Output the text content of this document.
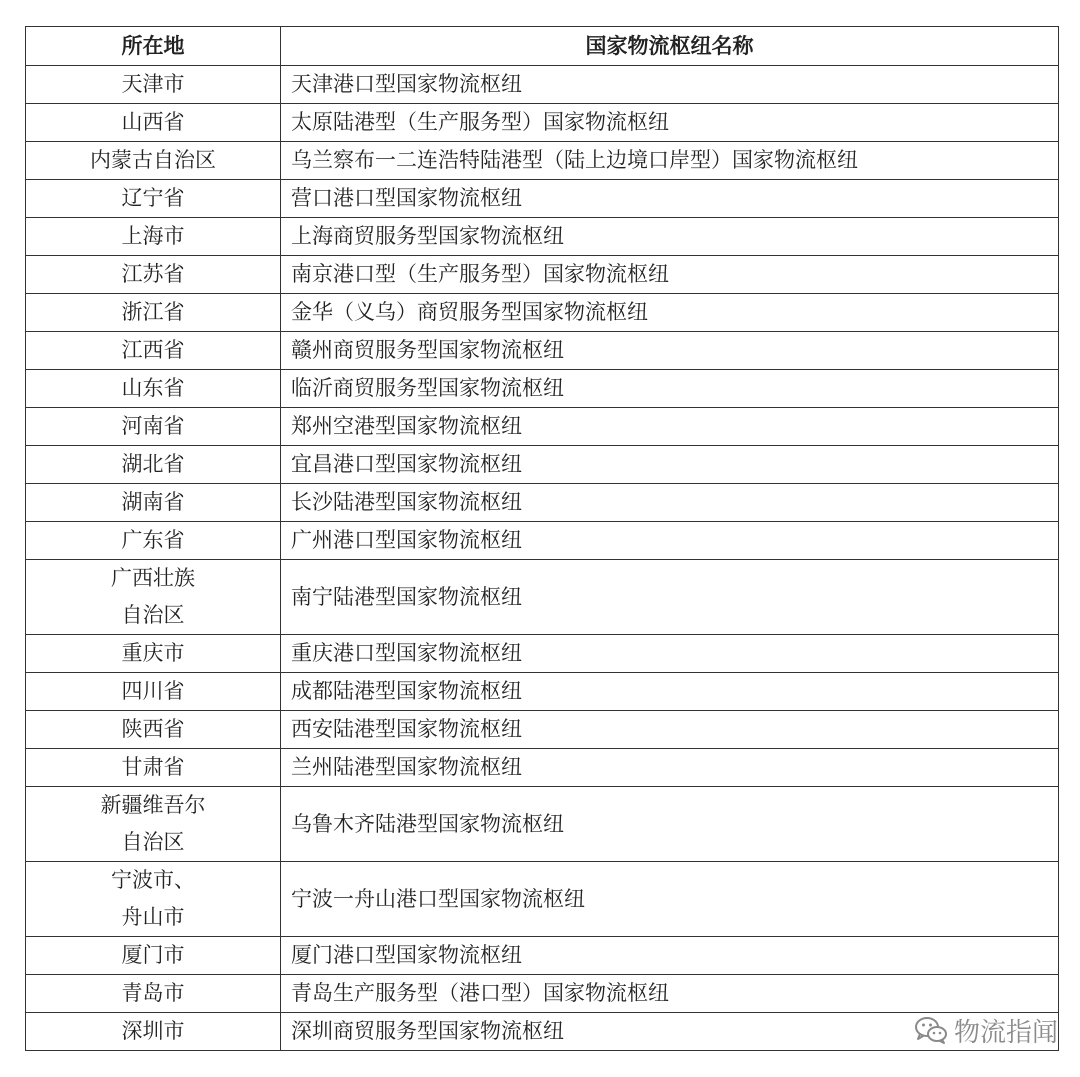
所在地	国家物流枢纽名称

天津市	天津港口型国家物流枢纽

山西省	太原陆港型（生产服务型）国家物流枢纽

内蒙古自治区	乌兰察布一二连浩特陆港型（陆上边境口岸型）国家物流枢纽

辽宁省	营口港口型国家物流枢纽

上海市	上海商贸服务型国家物流枢纽

江苏省	南京港口型（生产服务型）国家物流枢纽

浙江省	金华（义乌）商贸服务型国家物流枢纽

江西省	赣州商贸服务型国家物流枢纽

山东省	临沂商贸服务型国家物流枢纽

河南省	郑州空港型国家物流枢纽

湖北省	宜昌港口型国家物流枢纽

湖南省	长沙陆港型国家物流枢纽

广东省	广州港口型国家物流枢纽

广西壮族
自治区	南宁陆港型国家物流枢纽

重庆市	重庆港口型国家物流枢纽

四川省	成都陆港型国家物流枢纽

陕西省	西安陆港型国家物流枢纽

甘肃省	兰州陆港型国家物流枢纽

新疆维吾尔
自治区	乌鲁木齐陆港型国家物流枢纽

宁波市、
舟山市	宁波一舟山港口型国家物流枢纽

厦门市	厦门港口型国家物流枢纽

青岛市	青岛生产服务型（港口型）国家物流枢纽

深圳市	深圳商贸服务型国家物流枢纽	物流指闻
